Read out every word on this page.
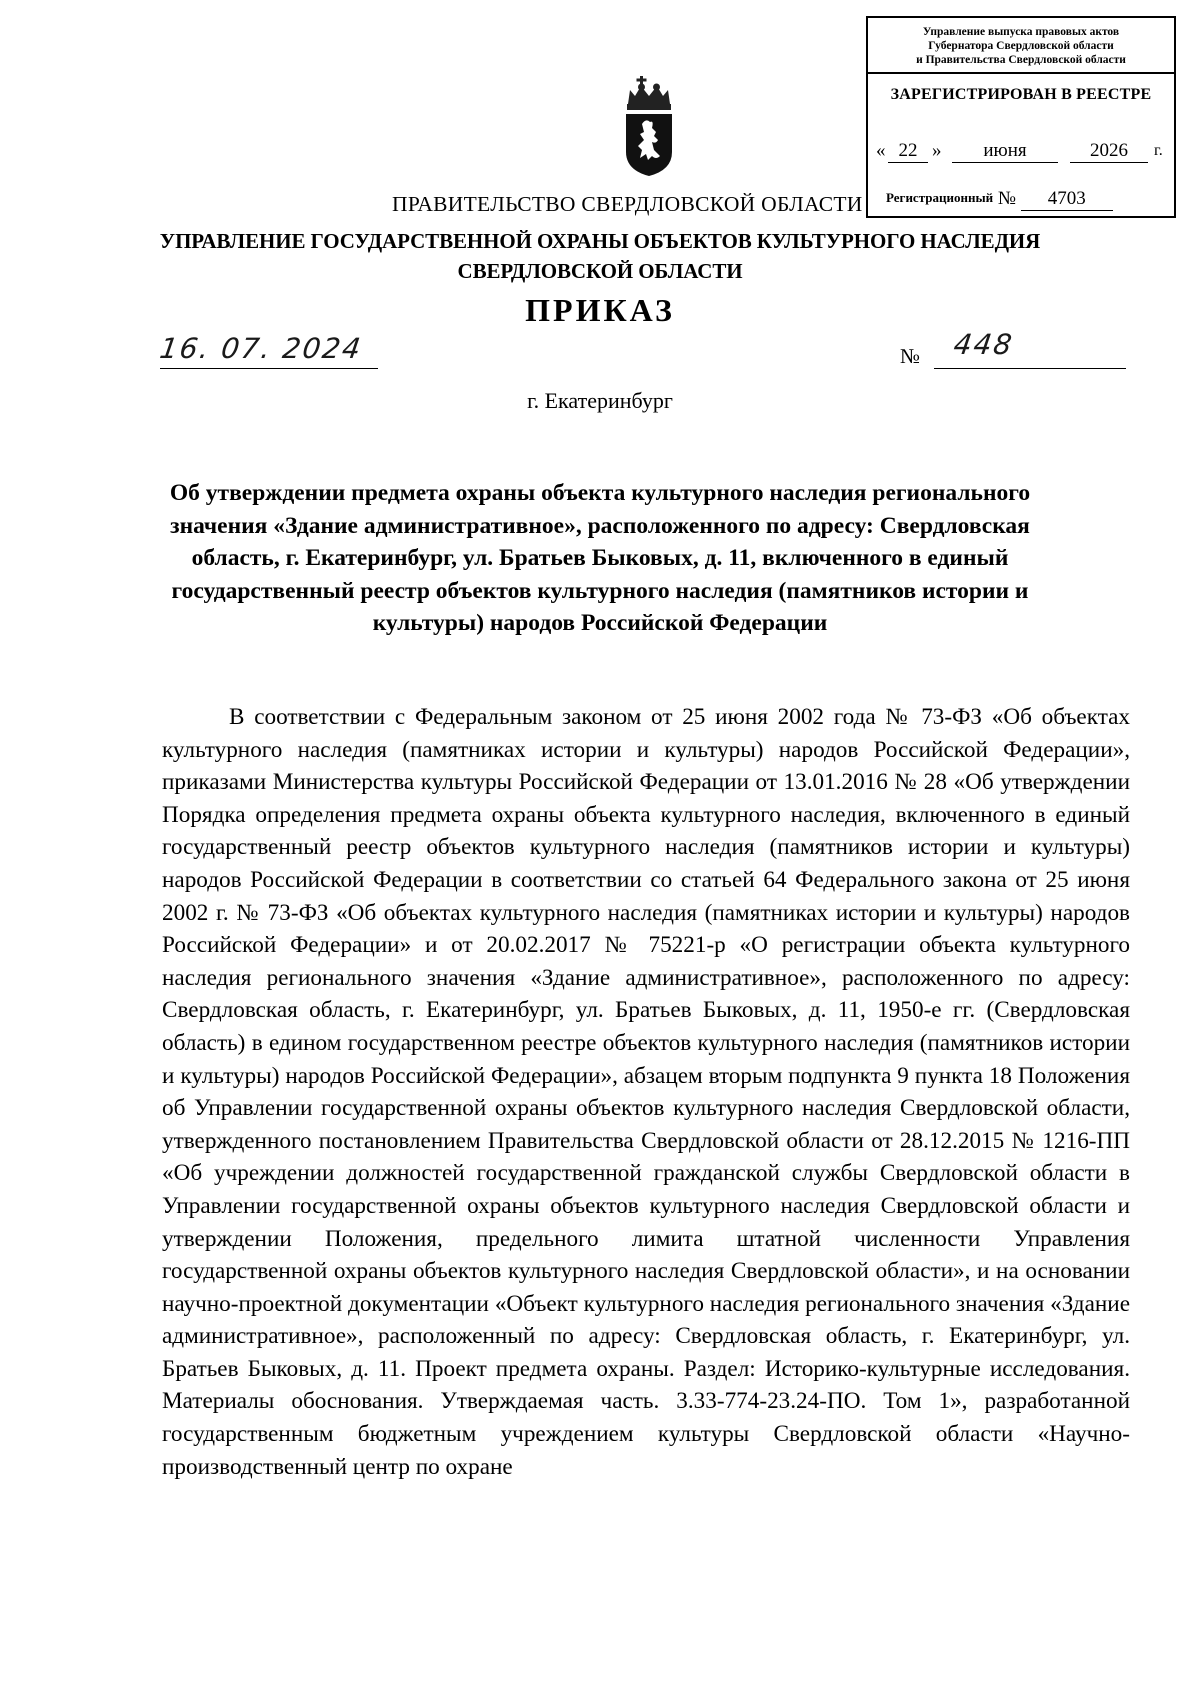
Управление выпуска правовых актов
Губернатора Свердловской области
и Правительства Свердловской области
ЗАРЕГИСТРИРОВАН В РЕЕСТРЕ
« 22 »	июня	2026	г.
Регистрационный № 4703
ПРАВИТЕЛЬСТВО СВЕРДЛОВСКОЙ ОБЛАСТИ
УПРАВЛЕНИЕ ГОСУДАРСТВЕННОЙ ОХРАНЫ ОБЪЕКТОВ КУЛЬТУРНОГО НАСЛЕДИЯ СВЕРДЛОВСКОЙ ОБЛАСТИ
ПРИКАЗ
16. 07. 2024	№ 448
г. Екатеринбург
Об утверждении предмета охраны объекта культурного наследия регионального значения «Здание административное», расположенного по адресу: Свердловская область, г. Екатеринбург, ул. Братьев Быковых, д. 11, включенного в единый государственный реестр объектов культурного наследия (памятников истории и культуры) народов Российской Федерации

В соответствии с Федеральным законом от 25 июня 2002 года № 73-ФЗ «Об объектах культурного наследия (памятниках истории и культуры) народов Российской Федерации», приказами Министерства культуры Российской Федерации от 13.01.2016 № 28 «Об утверждении Порядка определения предмета охраны объекта культурного наследия, включенного в единый государственный реестр объектов культурного наследия (памятников истории и культуры) народов Российской Федерации в соответствии со статьей 64 Федерального закона от 25 июня 2002 г. № 73-ФЗ «Об объектах культурного наследия (памятниках истории и культуры) народов Российской Федерации» и от 20.02.2017 № 75221-р «О регистрации объекта культурного наследия регионального значения «Здание административное», расположенного по адресу: Свердловская область, г. Екатеринбург, ул. Братьев Быковых, д. 11, 1950-е гг. (Свердловская область) в едином государственном реестре объектов культурного наследия (памятников истории и культуры) народов Российской Федерации», абзацем вторым подпункта 9 пункта 18 Положения об Управлении государственной охраны объектов культурного наследия Свердловской области, утвержденного постановлением Правительства Свердловской области от 28.12.2015 № 1216-ПП «Об учреждении должностей государственной гражданской службы Свердловской области в Управлении государственной охраны объектов культурного наследия Свердловской области и утверждении Положения, предельного лимита штатной численности Управления государственной охраны объектов культурного наследия Свердловской области», и на основании научно-проектной документации «Объект культурного наследия регионального значения «Здание административное», расположенный по адресу: Свердловская область, г. Екатеринбург, ул. Братьев Быковых, д. 11. Проект предмета охраны. Раздел: Историко-культурные исследования. Материалы обоснования. Утверждаемая часть. 3.33-774-23.24-ПО. Том 1», разработанной государственным бюджетным учреждением культуры Свердловской области «Научно-производственный центр по охране
